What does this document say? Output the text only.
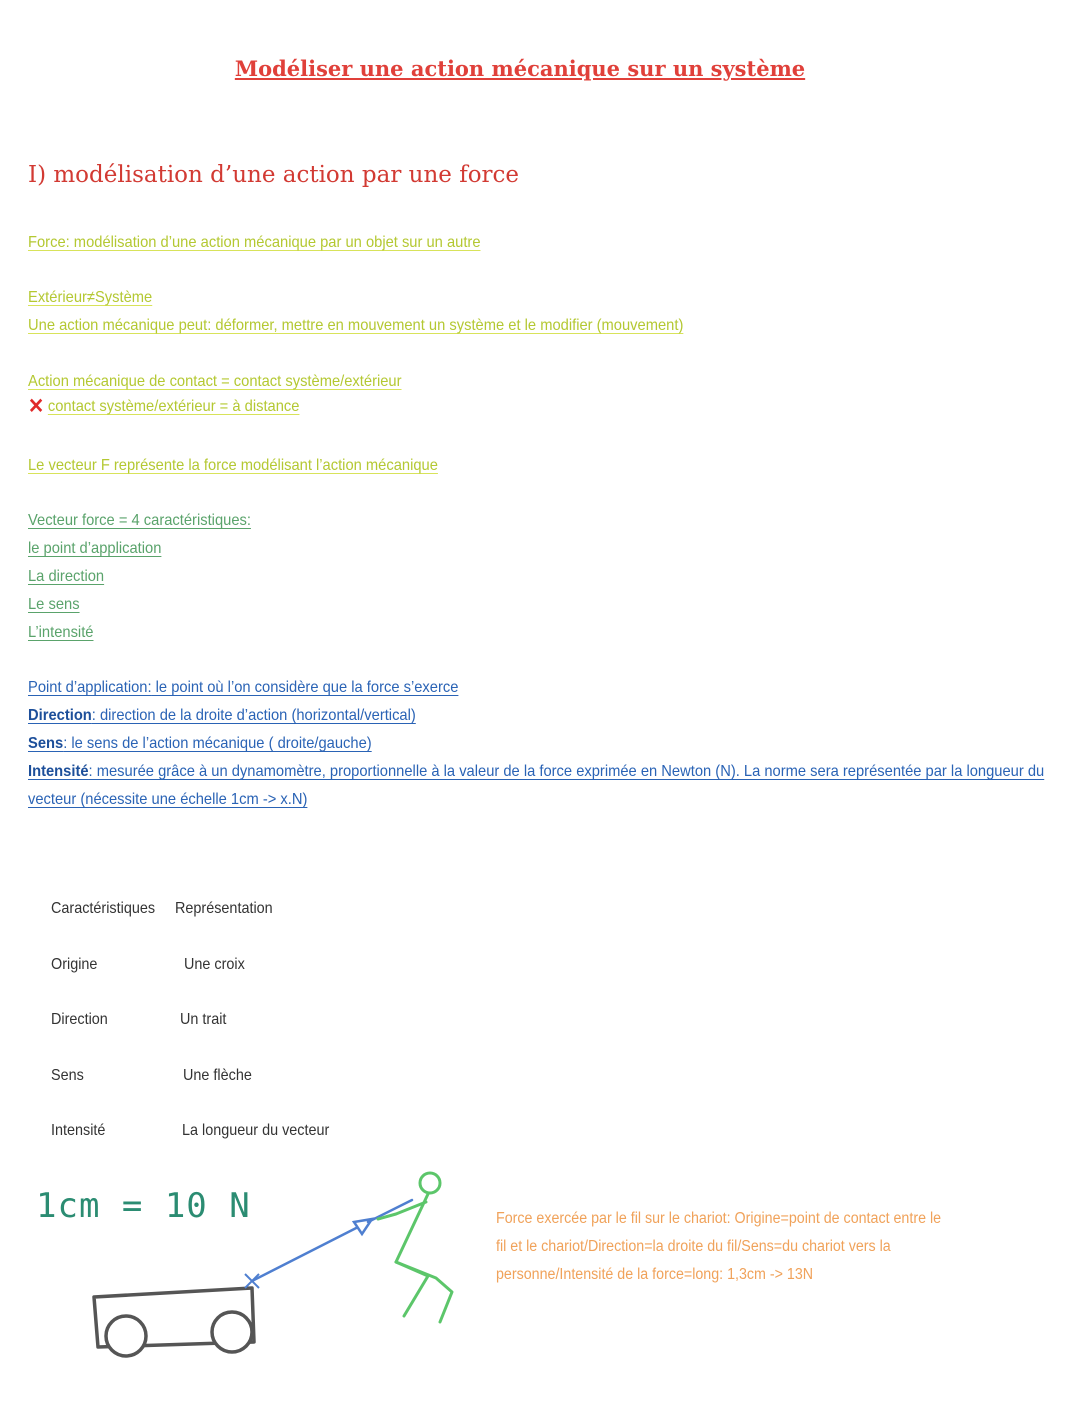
Modéliser une action mécanique sur un système
I) modélisation d’une action par une force
Force: modélisation d’une action mécanique par un objet sur un autre
Extérieur≠Système
Une action mécanique peut: déformer, mettre en mouvement un système et le modifier (mouvement)
Action mécanique de contact = contact système/extérieur
✕ contact système/extérieur = à distance
Le vecteur F représente la force modélisant l’action mécanique
Vecteur force = 4 caractéristiques:
le point d’application
La direction
Le sens
L’intensité
Point d’application: le point où l’on considère que la force s’exerce
Direction: direction de la droite d’action (horizontal/vertical)
Sens: le sens de l’action mécanique ( droite/gauche)
Intensité: mesurée grâce à un dynamomètre, proportionnelle à la valeur de la force exprimée en Newton (N). La norme sera représentée par la longueur du
vecteur (nécessite une échelle 1cm -> x.N)
Caractéristiques Représentation
Origine	Une croix
Direction	Un trait
Sens	Une flèche
Intensité	La longueur du vecteur
1cm = 10 N	Force exercée par le fil sur le chariot: Origine=point de contact entre le fil et le chariot/Direction=la droite du fil/Sens=du chariot vers la personne/Intensité de la force=long: 1,3cm -> 13N
